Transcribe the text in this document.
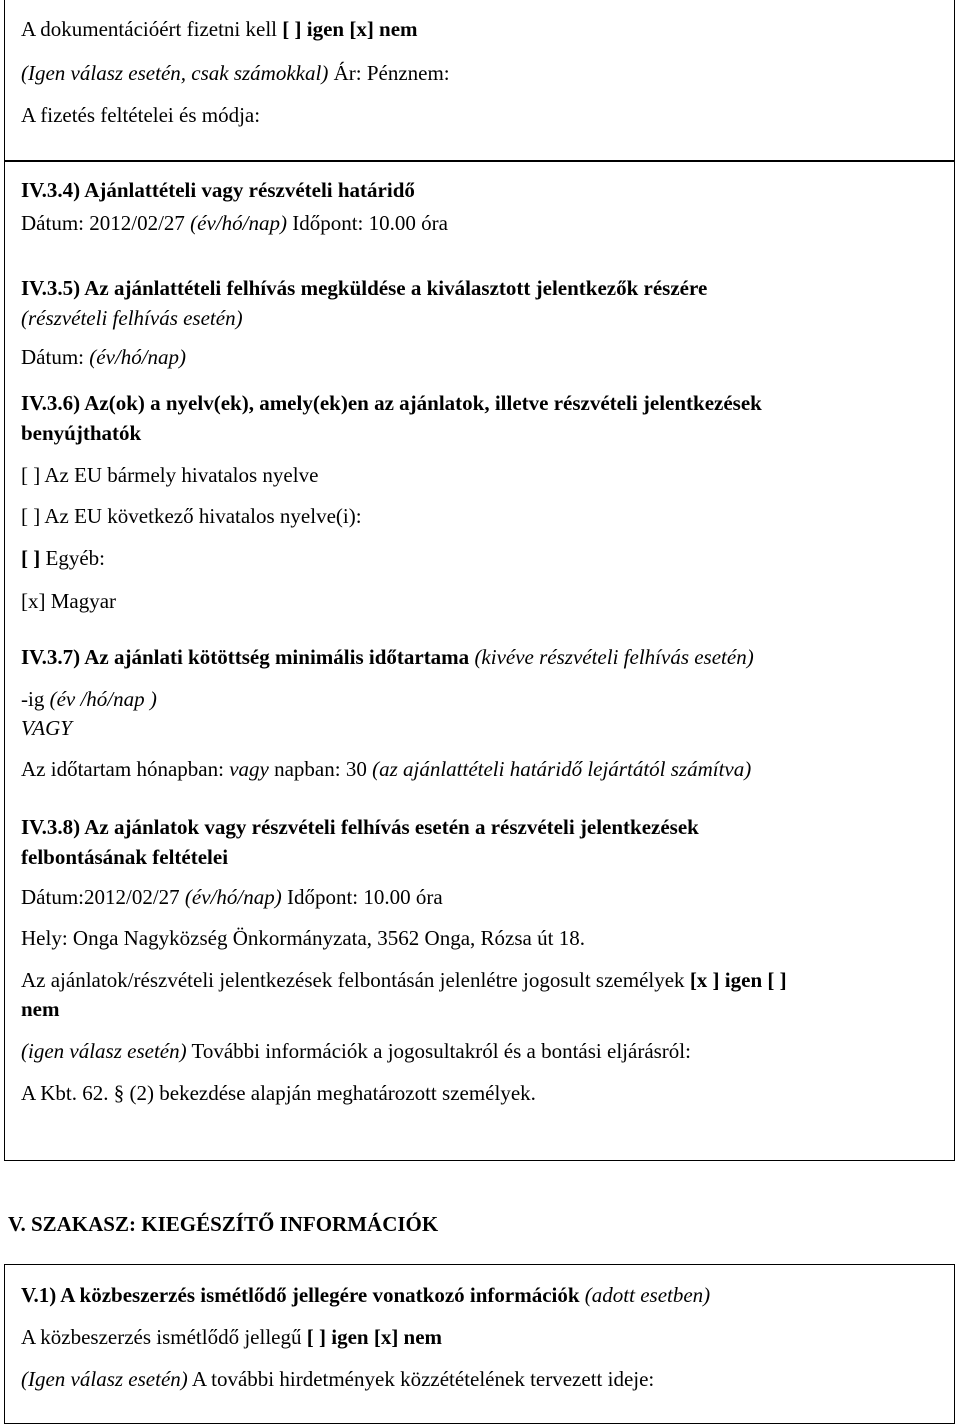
A dokumentációért fizetni kell [ ] igen [x] nem
(Igen válasz esetén, csak számokkal) Ár: Pénznem:
A fizetés feltételei és módja:
IV.3.4) Ajánlattételi vagy részvételi határidő
Dátum: 2012/02/27 (év/hó/nap) Időpont: 10.00 óra
IV.3.5) Az ajánlattételi felhívás megküldése a kiválasztott jelentkezők részére
(részvételi felhívás esetén)
Dátum: (év/hó/nap)
IV.3.6) Az(ok) a nyelv(ek), amely(ek)en az ajánlatok, illetve részvételi jelentkezések
benyújthatók
[ ] Az EU bármely hivatalos nyelve
[ ] Az EU következő hivatalos nyelve(i):
[ ] Egyéb:
[x] Magyar
IV.3.7) Az ajánlati kötöttség minimális időtartama (kivéve részvételi felhívás esetén)
-ig (év /hó/nap )
VAGY
Az időtartam hónapban: vagy napban: 30 (az ajánlattételi határidő lejártától számítva)
IV.3.8) Az ajánlatok vagy részvételi felhívás esetén a részvételi jelentkezések
felbontásának feltételei
Dátum:2012/02/27 (év/hó/nap) Időpont: 10.00 óra
Hely: Onga Nagyközség Önkormányzata, 3562 Onga, Rózsa út 18.
Az ajánlatok/részvételi jelentkezések felbontásán jelenlétre jogosult személyek [x ] igen [ ]
nem
(igen válasz esetén) További információk a jogosultakról és a bontási eljárásról:
A Kbt. 62. § (2) bekezdése alapján meghatározott személyek.
V. SZAKASZ: KIEGÉSZÍTŐ INFORMÁCIÓK
V.1) A közbeszerzés ismétlődő jellegére vonatkozó információk (adott esetben)
A közbeszerzés ismétlődő jellegű [ ] igen [x] nem
(Igen válasz esetén) A további hirdetmények közzétételének tervezett ideje:
